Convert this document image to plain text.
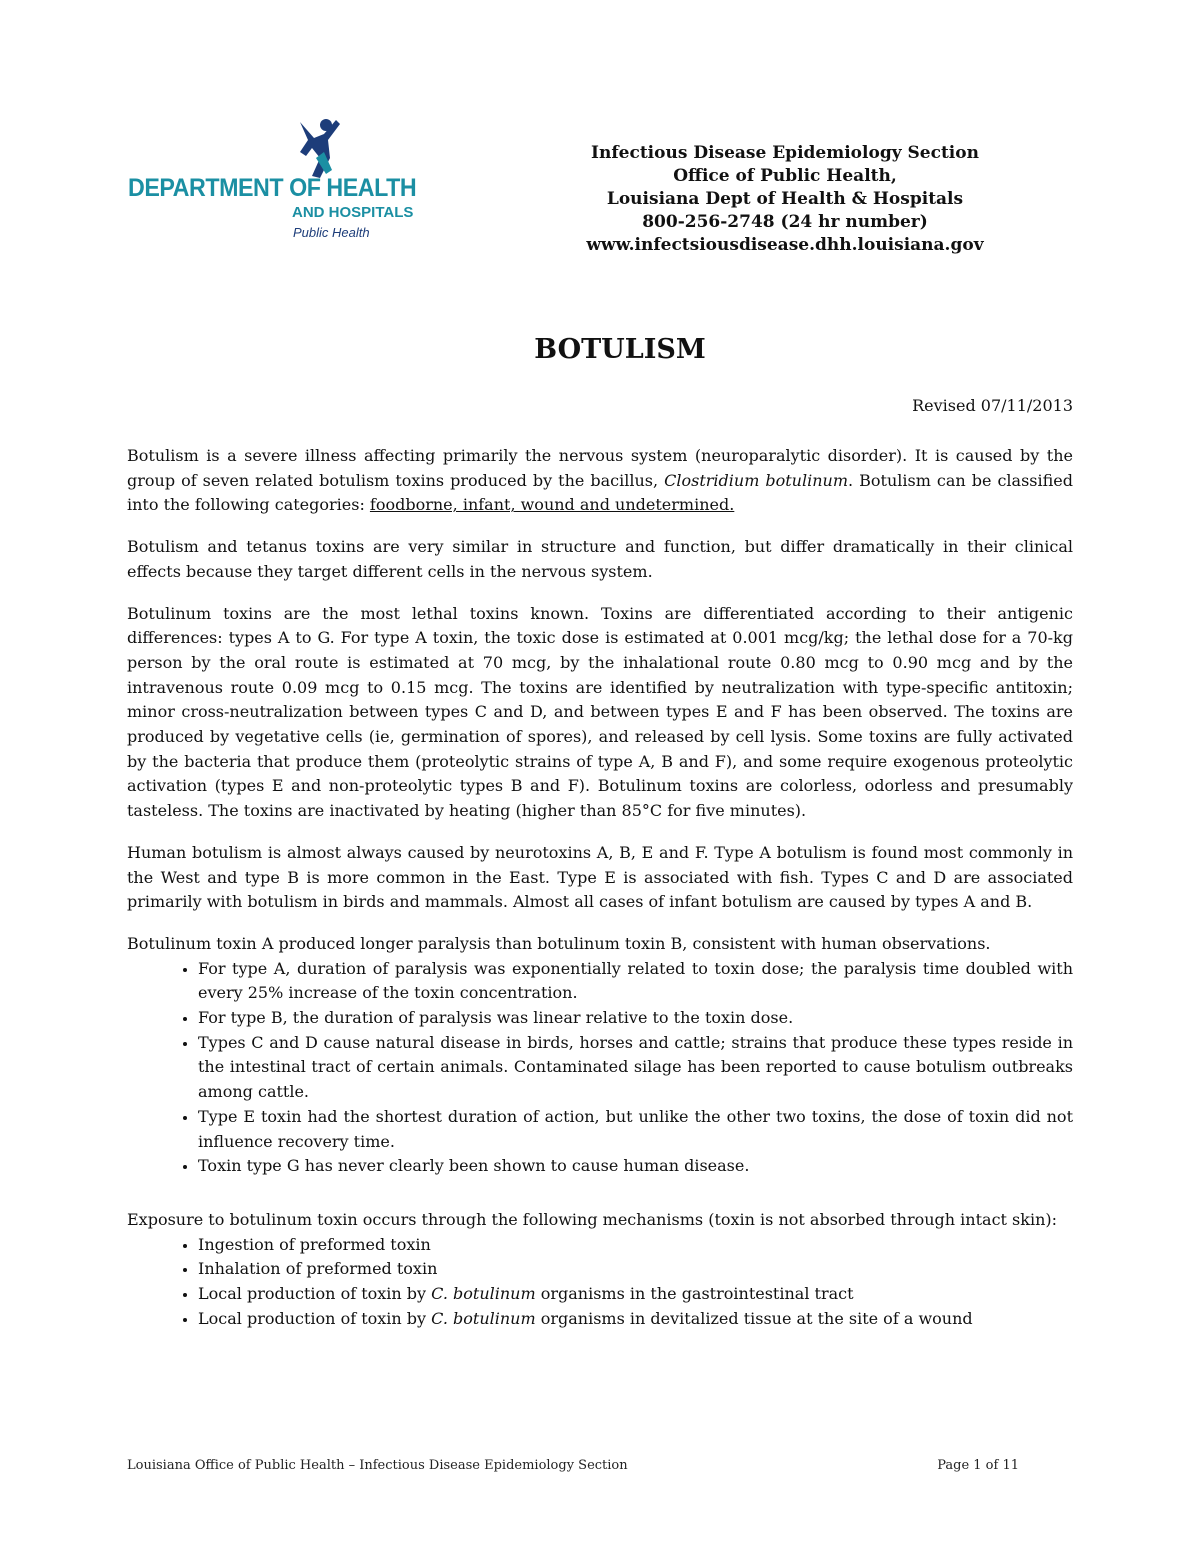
DEPARTMENT OF HEALTH
AND HOSPITALS
Public Health
Infectious Disease Epidemiology Section
Office of Public Health,
Louisiana Dept of Health & Hospitals
800-256-2748 (24 hr number)
www.infectsiousdisease.dhh.louisiana.gov
BOTULISM
Revised 07/11/2013

Botulism is a severe illness affecting primarily the nervous system (neuroparalytic disorder). It is caused by the group of seven related botulism toxins produced by the bacillus, Clostridium botulinum. Botulism can be classified into the following categories: foodborne, infant, wound and undetermined.

Botulism and tetanus toxins are very similar in structure and function, but differ dramatically in their clinical effects because they target different cells in the nervous system.

Botulinum toxins are the most lethal toxins known. Toxins are differentiated according to their antigenic differences: types A to G. For type A toxin, the toxic dose is estimated at 0.001 mcg/kg; the lethal dose for a 70-kg person by the oral route is estimated at 70 mcg, by the inhalational route 0.80 mcg to 0.90 mcg and by the intravenous route 0.09 mcg to 0.15 mcg. The toxins are identified by neutralization with type-specific antitoxin; minor cross-neutralization between types C and D, and between types E and F has been observed. The toxins are produced by vegetative cells (ie, germination of spores), and released by cell lysis. Some toxins are fully activated by the bacteria that produce them (proteolytic strains of type A, B and F), and some require exogenous proteolytic activation (types E and non-proteolytic types B and F). Botulinum toxins are colorless, odorless and presumably tasteless. The toxins are inactivated by heating (higher than 85°C for five minutes).

Human botulism is almost always caused by neurotoxins A, B, E and F. Type A botulism is found most commonly in the West and type B is more common in the East. Type E is associated with fish. Types C and D are associated primarily with botulism in birds and mammals. Almost all cases of infant botulism are caused by types A and B.

Botulinum toxin A produced longer paralysis than botulinum toxin B, consistent with human observations.

• For type A, duration of paralysis was exponentially related to toxin dose; the paralysis time doubled with every 25% increase of the toxin concentration.
• For type B, the duration of paralysis was linear relative to the toxin dose.
• Types C and D cause natural disease in birds, horses and cattle; strains that produce these types reside in the intestinal tract of certain animals. Contaminated silage has been reported to cause botulism outbreaks among cattle.
• Type E toxin had the shortest duration of action, but unlike the other two toxins, the dose of toxin did not influence recovery time.
• Toxin type G has never clearly been shown to cause human disease.

Exposure to botulinum toxin occurs through the following mechanisms (toxin is not absorbed through intact skin):

• Ingestion of preformed toxin
• Inhalation of preformed toxin
• Local production of toxin by C. botulinum organisms in the gastrointestinal tract
• Local production of toxin by C. botulinum organisms in devitalized tissue at the site of a wound
Louisiana Office of Public Health – Infectious Disease Epidemiology Section	Page 1 of 11
